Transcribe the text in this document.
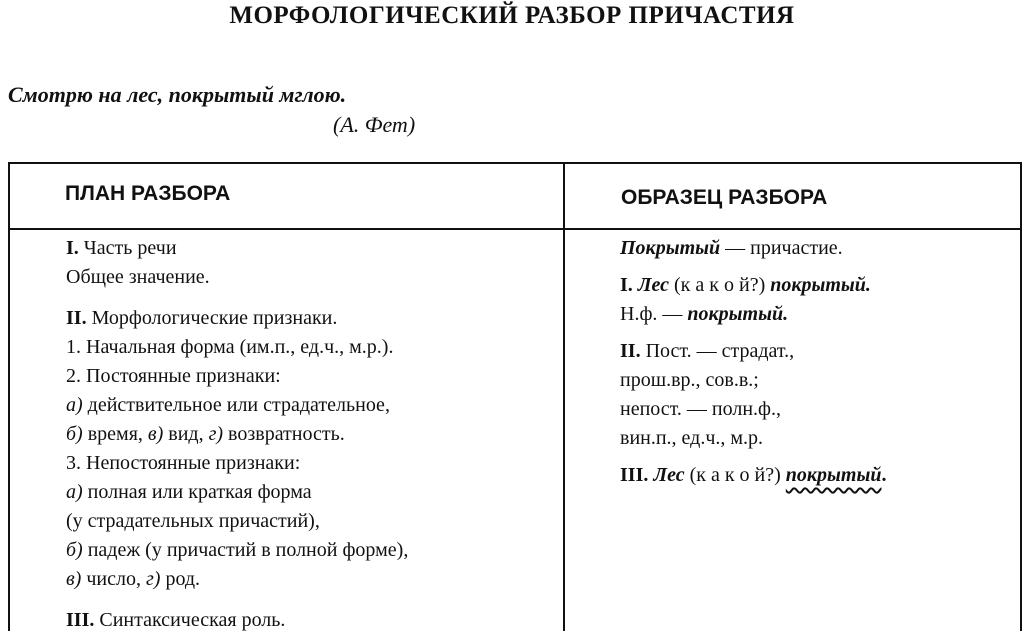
МОРФОЛОГИЧЕСКИЙ РАЗБОР ПРИЧАСТИЯ
Смотрю на лес, покрытый мглою.
(А. Фет)
ПЛАН РАЗБОРА	ОБРАЗЕЦ РАЗБОРА
I. Часть речи
Общее значение.
II. Морфологические признаки.
1. Начальная форма (им.п., ед.ч., м.р.).
2. Постоянные признаки:
а) действительное или страдательное,
б) время, в) вид, г) возвратность.
3. Непостоянные признаки:
а) полная или краткая форма
(у страдательных причастий),
б) падеж (у причастий в полной форме),
в) число, г) род.
III. Синтаксическая роль.
Покрытый — причастие.
I. Лес (к а к о й?) покрытый.
Н.ф. — покрытый.
II. Пост. — страдат.,
прош.вр., сов.в.;
непост. — полн.ф.,
вин.п., ед.ч., м.р.
III. Лес (к а к о й?) покрытый.
